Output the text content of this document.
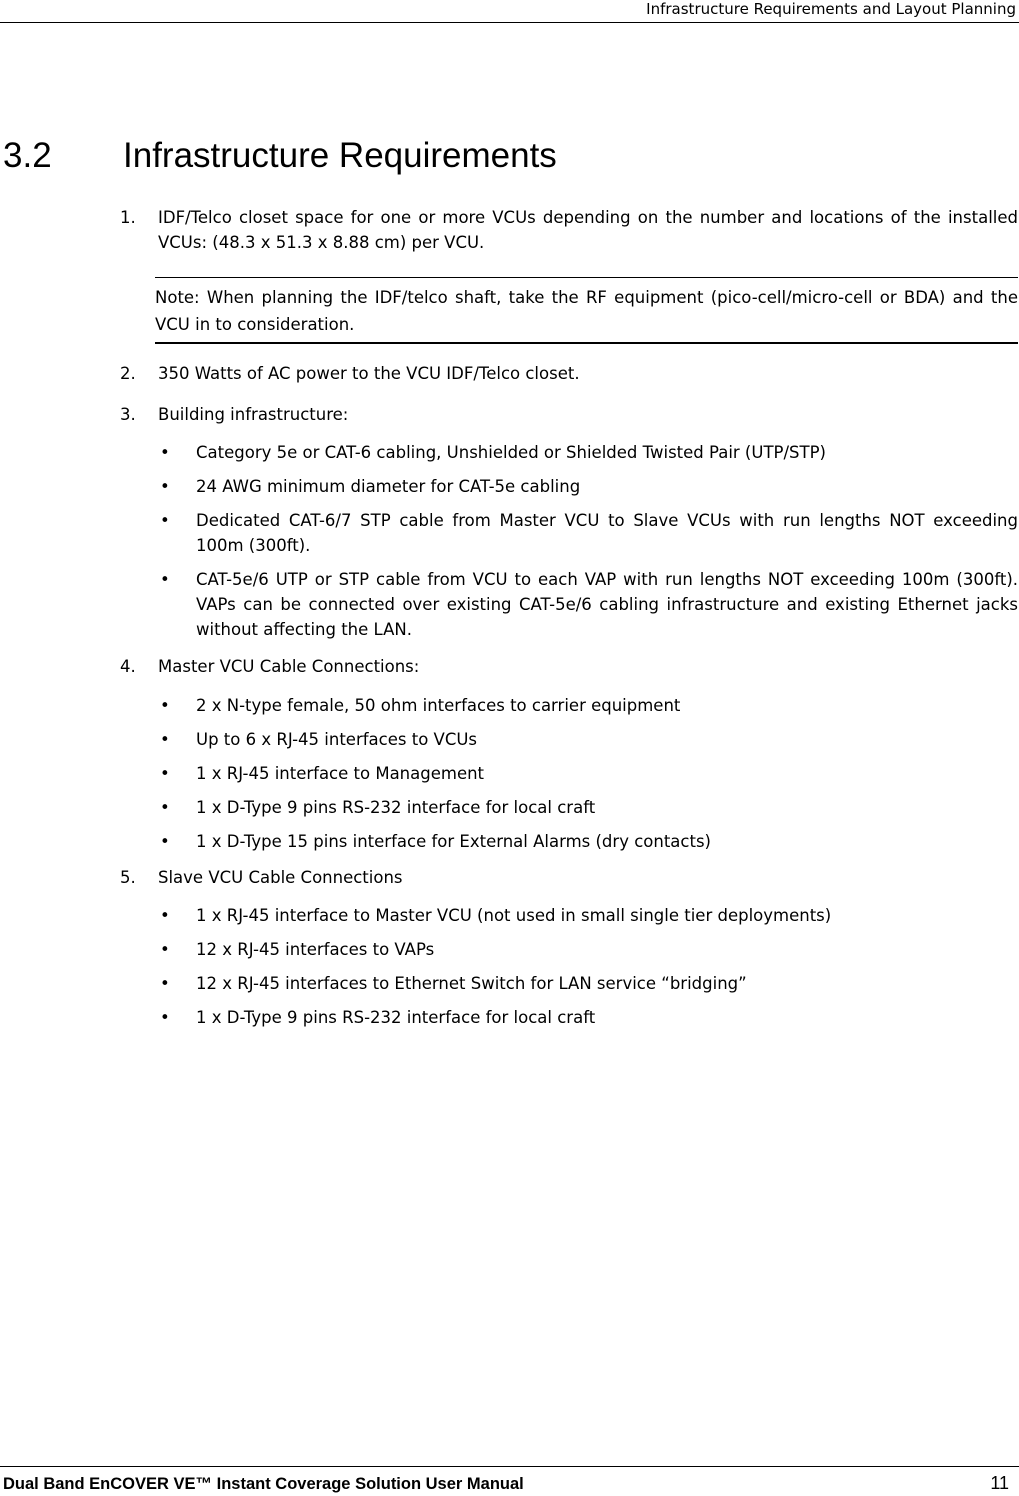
Infrastructure Requirements and Layout Planning
3.2 Infrastructure Requirements
1. IDF/Telco closet space for one or more VCUs depending on the number and locations of the installed VCUs: (48.3 x 51.3 x 8.88 cm) per VCU.
Note: When planning the IDF/telco shaft, take the RF equipment (pico-cell/micro-cell or BDA) and the VCU in to consideration.
2. 350 Watts of AC power to the VCU IDF/Telco closet.
3. Building infrastructure:
• Category 5e or CAT-6 cabling, Unshielded or Shielded Twisted Pair (UTP/STP)
• 24 AWG minimum diameter for CAT-5e cabling
• Dedicated CAT-6/7 STP cable from Master VCU to Slave VCUs with run lengths NOT exceeding 100m (300ft).
• CAT-5e/6 UTP or STP cable from VCU to each VAP with run lengths NOT exceeding 100m (300ft). VAPs can be connected over existing CAT-5e/6 cabling infrastructure and existing Ethernet jacks without affecting the LAN.
4. Master VCU Cable Connections:
• 2 x N-type female, 50 ohm interfaces to carrier equipment
• Up to 6 x RJ-45 interfaces to VCUs
• 1 x RJ-45 interface to Management
• 1 x D-Type 9 pins RS-232 interface for local craft
• 1 x D-Type 15 pins interface for External Alarms (dry contacts)
5. Slave VCU Cable Connections
• 1 x RJ-45 interface to Master VCU (not used in small single tier deployments)
• 12 x RJ-45 interfaces to VAPs
• 12 x RJ-45 interfaces to Ethernet Switch for LAN service “bridging”
• 1 x D-Type 9 pins RS-232 interface for local craft
Dual Band EnCOVER VE™ Instant Coverage Solution User Manual	11
